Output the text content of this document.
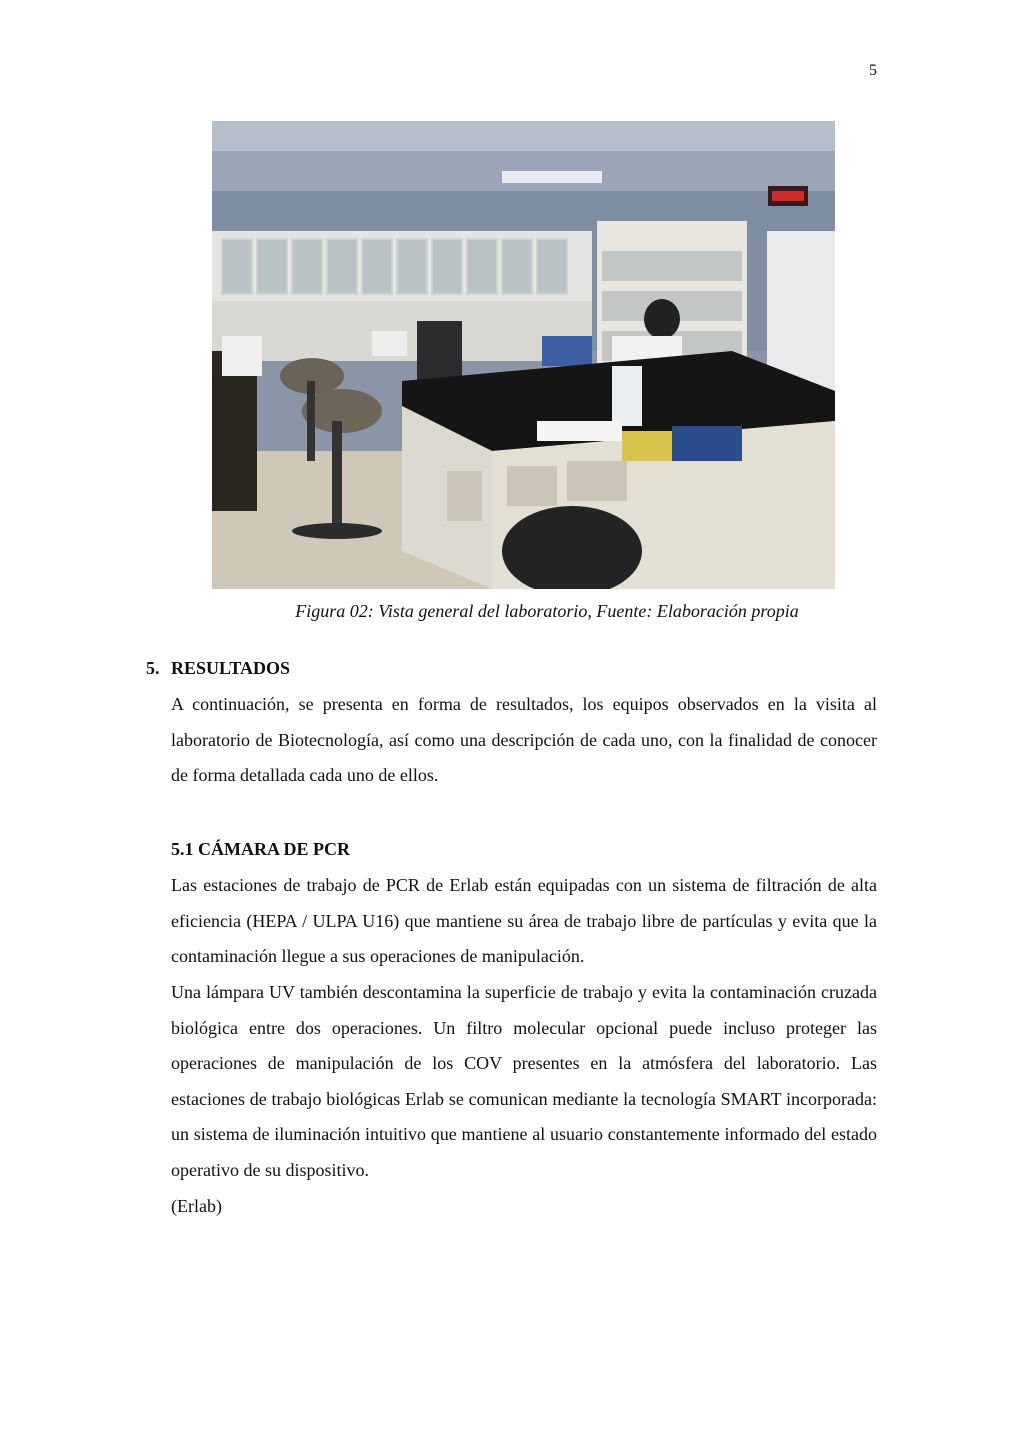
5
Figura 02: Vista general del laboratorio, Fuente: Elaboración propia
5. RESULTADOS

A continuación, se presenta en forma de resultados, los equipos observados en la visita al laboratorio de Biotecnología, así como una descripción de cada uno, con la finalidad de conocer de forma detallada cada uno de ellos.

5.1 CÁMARA DE PCR

Las estaciones de trabajo de PCR de Erlab están equipadas con un sistema de filtración de alta eficiencia (HEPA / ULPA U16) que mantiene su área de trabajo libre de partículas y evita que la contaminación llegue a sus operaciones de manipulación.

Una lámpara UV también descontamina la superficie de trabajo y evita la contaminación cruzada biológica entre dos operaciones. Un filtro molecular opcional puede incluso proteger las operaciones de manipulación de los COV presentes en la atmósfera del laboratorio. Las estaciones de trabajo biológicas Erlab se comunican mediante la tecnología SMART incorporada: un sistema de iluminación intuitivo que mantiene al usuario constantemente informado del estado operativo de su dispositivo.

(Erlab)
